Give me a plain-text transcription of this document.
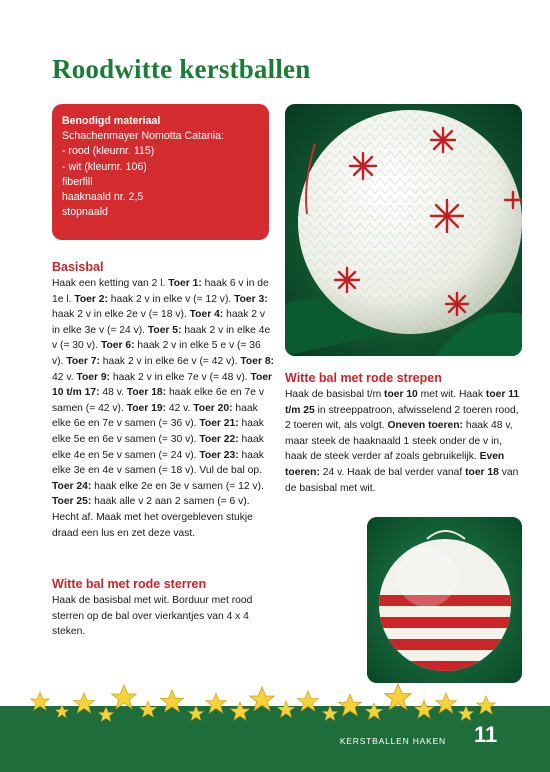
Roodwitte kerstballen
Benodigd materiaal
Schachenmayer Nomotta Catania:
- rood (kleurnr. 115)
- wit (kleurnr. 106)
fiberfill
haaknaald nr. 2,5
stopnaald
Basisbal

Haak een ketting van 2 l. Toer 1: haak 6 v in de 1e l. Toer 2: haak 2 v in elke v (= 12 v). Toer 3: haak 2 v in elke 2e v (= 18 v). Toer 4: haak 2 v in elke 3e v (= 24 v). Toer 5: haak 2 v in elke 4e v (= 30 v). Toer 6: haak 2 v in elke 5 e v (= 36 v). Toer 7: haak 2 v in elke 6e v (= 42 v). Toer 8: 42 v. Toer 9: haak 2 v in elke 7e v (= 48 v). Toer 10 t/m 17: 48 v. Toer 18: haak elke 6e en 7e v samen (= 42 v). Toer 19: 42 v. Toer 20: haak elke 6e en 7e v samen (= 36 v). Toer 21: haak elke 5e en 6e v samen (= 30 v). Toer 22: haak elke 4e en 5e v samen (= 24 v). Toer 23: haak elke 3e en 4e v samen (= 18 v). Vul de bal op. Toer 24: haak elke 2e en 3e v samen (= 12 v). Toer 25: haak alle v 2 aan 2 samen (= 6 v). Hecht af. Maak met het overgebleven stukje draad een lus en zet deze vast.

Witte bal met rode sterren

Haak de basisbal met wit. Borduur met rood sterren op de bal over vierkantjes van 4 x 4 steken.

Witte bal met rode strepen

Haak de basisbal t/m toer 10 met wit. Haak toer 11 t/m 25 in streeppatroon, afwisselend 2 toeren rood, 2 toeren wit, als volgt. Oneven toeren: haak 48 v, maar steek de haaknaald 1 steek onder de v in, haak de steek verder af zoals gebruikelijk. Even toeren: 24 v. Haak de bal verder vanaf toer 18 van de basisbal met wit.

KERSTBALLEN HAKEN 11
